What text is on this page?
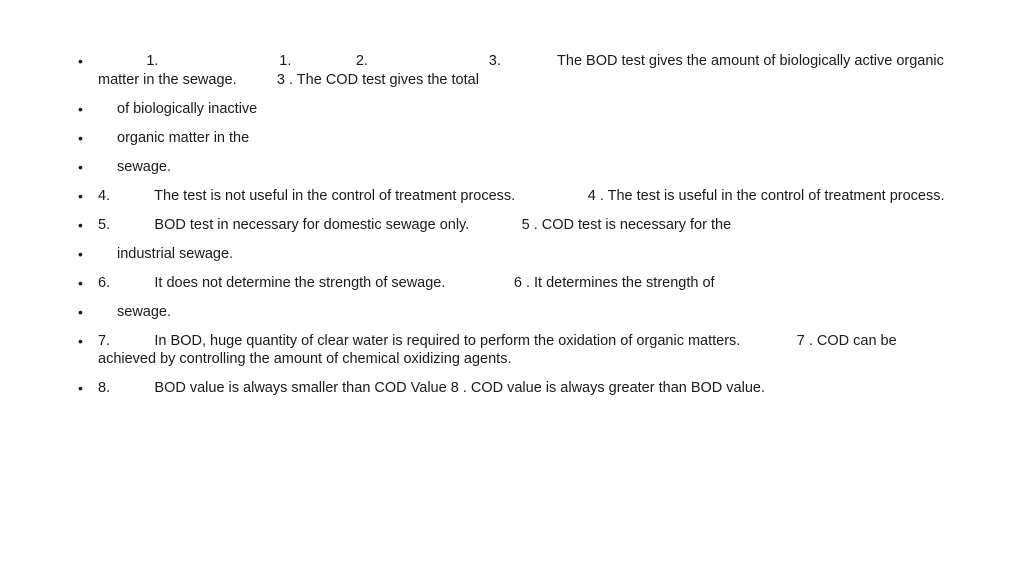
•             1.                              1.                2.                              3.              The BOD test gives the amount of biologically active organic matter in the sewage.          3 . The COD test gives the total
• of biologically inactive
• organic matter in the
• sewage.
• 4.           The test is not useful in the control of treatment process.                  4 . The test is useful in the control of treatment process.
• 5.           BOD test in necessary for domestic sewage only.             5 . COD test is necessary for the
• industrial sewage.
• 6.           It does not determine the strength of sewage.                 6 . It determines the strength of
• sewage.
• 7.           In BOD, huge quantity of clear water is required to perform the oxidation of organic matters.              7 . COD can be achieved by controlling the amount of chemical oxidizing agents.
• 8.           BOD value is always smaller than COD Value 8 . COD value is always greater than BOD value.
